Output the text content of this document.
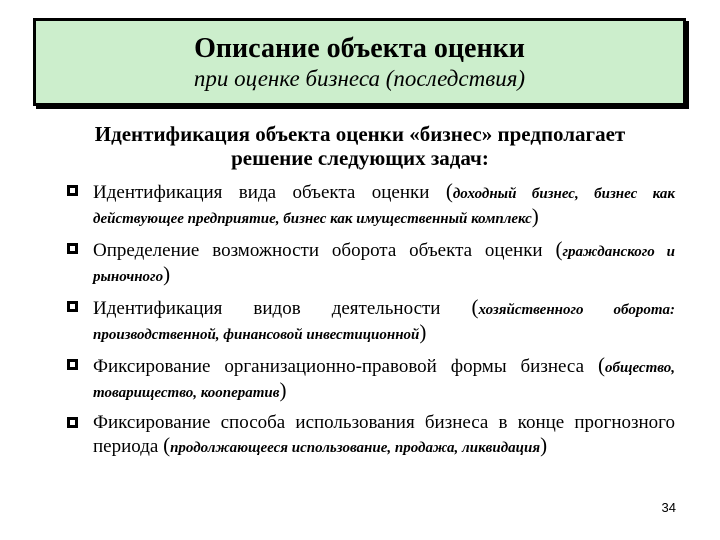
Описание объекта оценки
при оценке бизнеса (последствия)
Идентификация объекта оценки «бизнес» предполагает
решение следующих задач:
Идентификация вида объекта оценки (доходный бизнес, бизнес как действующее предприятие, бизнес как имущественный комплекс)
Определение возможности оборота объекта оценки (гражданского и рыночного)
Идентификация видов деятельности (хозяйственного оборота: производственной, финансовой инвестиционной)
Фиксирование организационно-правовой формы бизнеса (общество, товарищество, кооператив)
Фиксирование способа использования бизнеса в конце прогнозного периода (продолжающееся использование, продажа, ликвидация)
34
